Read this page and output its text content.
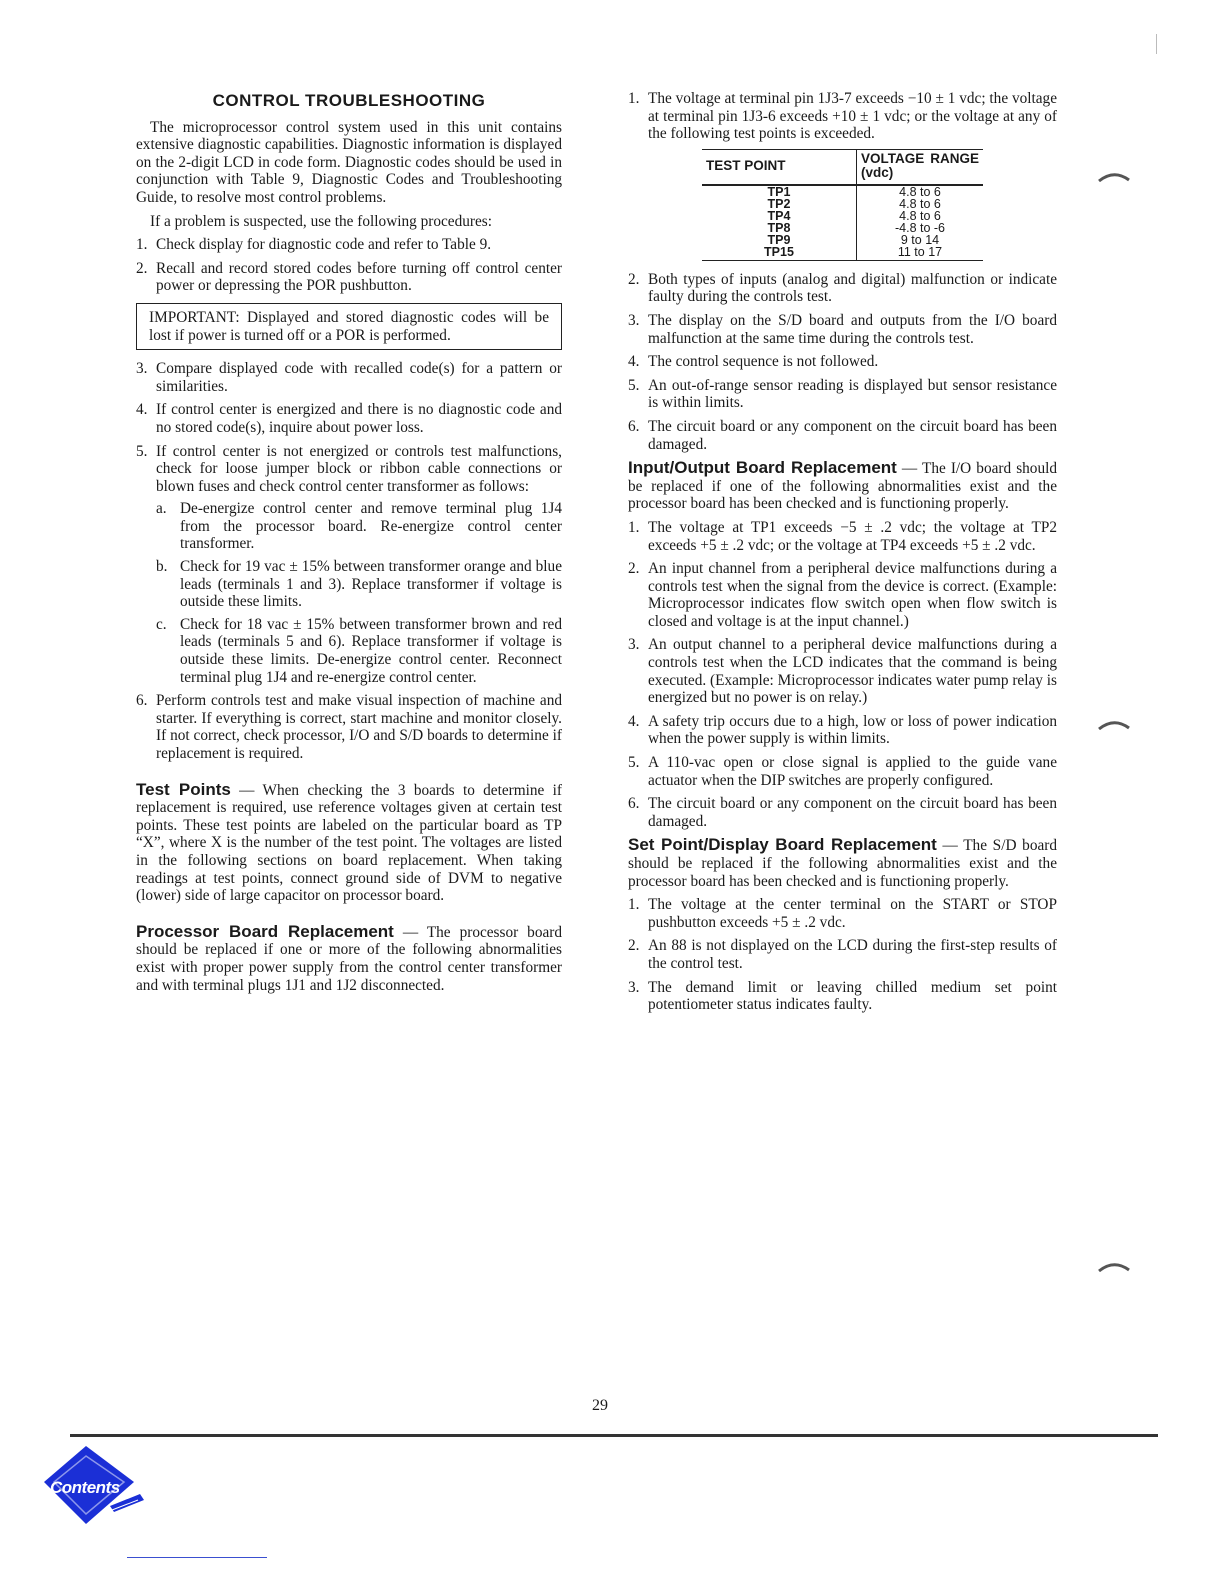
CONTROL TROUBLESHOOTING

The microprocessor control system used in this unit contains extensive diagnostic capabilities. Diagnostic information is displayed on the 2-digit LCD in code form. Diagnostic codes should be used in conjunction with Table 9, Diagnostic Codes and Troubleshooting Guide, to resolve most control problems.

If a problem is suspected, use the following procedures:

1. Check display for diagnostic code and refer to Table 9.
2. Recall and record stored codes before turning off control center power or depressing the POR pushbutton.
IMPORTANT: Displayed and stored diagnostic codes will be lost if power is turned off or a POR is performed.
3. Compare displayed code with recalled code(s) for a pattern or similarities.
4. If control center is energized and there is no diagnostic code and no stored code(s), inquire about power loss.
5. If control center is not energized or controls test malfunctions, check for loose jumper block or ribbon cable connections or blown fuses and check control center transformer as follows:
a. De-energize control center and remove terminal plug 1J4 from the processor board. Re-energize control center transformer.
b. Check for 19 vac ± 15% between transformer orange and blue leads (terminals 1 and 3). Replace transformer if voltage is outside these limits.
c. Check for 18 vac ± 15% between transformer brown and red leads (terminals 5 and 6). Replace transformer if voltage is outside these limits. De-energize control center. Reconnect terminal plug 1J4 and re-energize control center.
6. Perform controls test and make visual inspection of machine and starter. If everything is correct, start machine and monitor closely. If not correct, check processor, I/O and S/D boards to determine if replacement is required.

Test Points — When checking the 3 boards to determine if replacement is required, use reference voltages given at certain test points. These test points are labeled on the particular board as TP “X”, where X is the number of the test point. The voltages are listed in the following sections on board replacement. When taking readings at test points, connect ground side of DVM to negative (lower) side of large capacitor on processor board.

Processor Board Replacement — The processor board should be replaced if one or more of the following abnormalities exist with proper power supply from the control center transformer and with terminal plugs 1J1 and 1J2 disconnected.

1. The voltage at terminal pin 1J3-7 exceeds −10 ± 1 vdc; the voltage at terminal pin 1J3-6 exceeds +10 ± 1 vdc; or the voltage at any of the following test points is exceeded.
TEST POINT	VOLTAGE RANGE (vdc)
TP1	4.8 to 6
TP2	4.8 to 6
TP4	4.8 to 6
TP8	-4.8 to -6
TP9	9 to 14
TP15	11 to 17
2. Both types of inputs (analog and digital) malfunction or indicate faulty during the controls test.
3. The display on the S/D board and outputs from the I/O board malfunction at the same time during the controls test.
4. The control sequence is not followed.
5. An out-of-range sensor reading is displayed but sensor resistance is within limits.
6. The circuit board or any component on the circuit board has been damaged.

Input/Output Board Replacement — The I/O board should be replaced if one of the following abnormalities exist and the processor board has been checked and is functioning properly.

1. The voltage at TP1 exceeds −5 ± .2 vdc; the voltage at TP2 exceeds +5 ± .2 vdc; or the voltage at TP4 exceeds +5 ± .2 vdc.
2. An input channel from a peripheral device malfunctions during a controls test when the signal from the device is correct. (Example: Microprocessor indicates flow switch open when flow switch is closed and voltage is at the input channel.)
3. An output channel to a peripheral device malfunctions during a controls test when the LCD indicates that the command is being executed. (Example: Microprocessor indicates water pump relay is energized but no power is on relay.)
4. A safety trip occurs due to a high, low or loss of power indication when the power supply is within limits.
5. A 110-vac open or close signal is applied to the guide vane actuator when the DIP switches are properly configured.
6. The circuit board or any component on the circuit board has been damaged.

Set Point/Display Board Replacement — The S/D board should be replaced if the following abnormalities exist and the processor board has been checked and is functioning properly.

1. The voltage at the center terminal on the START or STOP pushbutton exceeds +5 ± .2 vdc.
2. An 88 is not displayed on the LCD during the first-step results of the control test.
3. The demand limit or leaving chilled medium set point potentiometer status indicates faulty.
29
Contents
